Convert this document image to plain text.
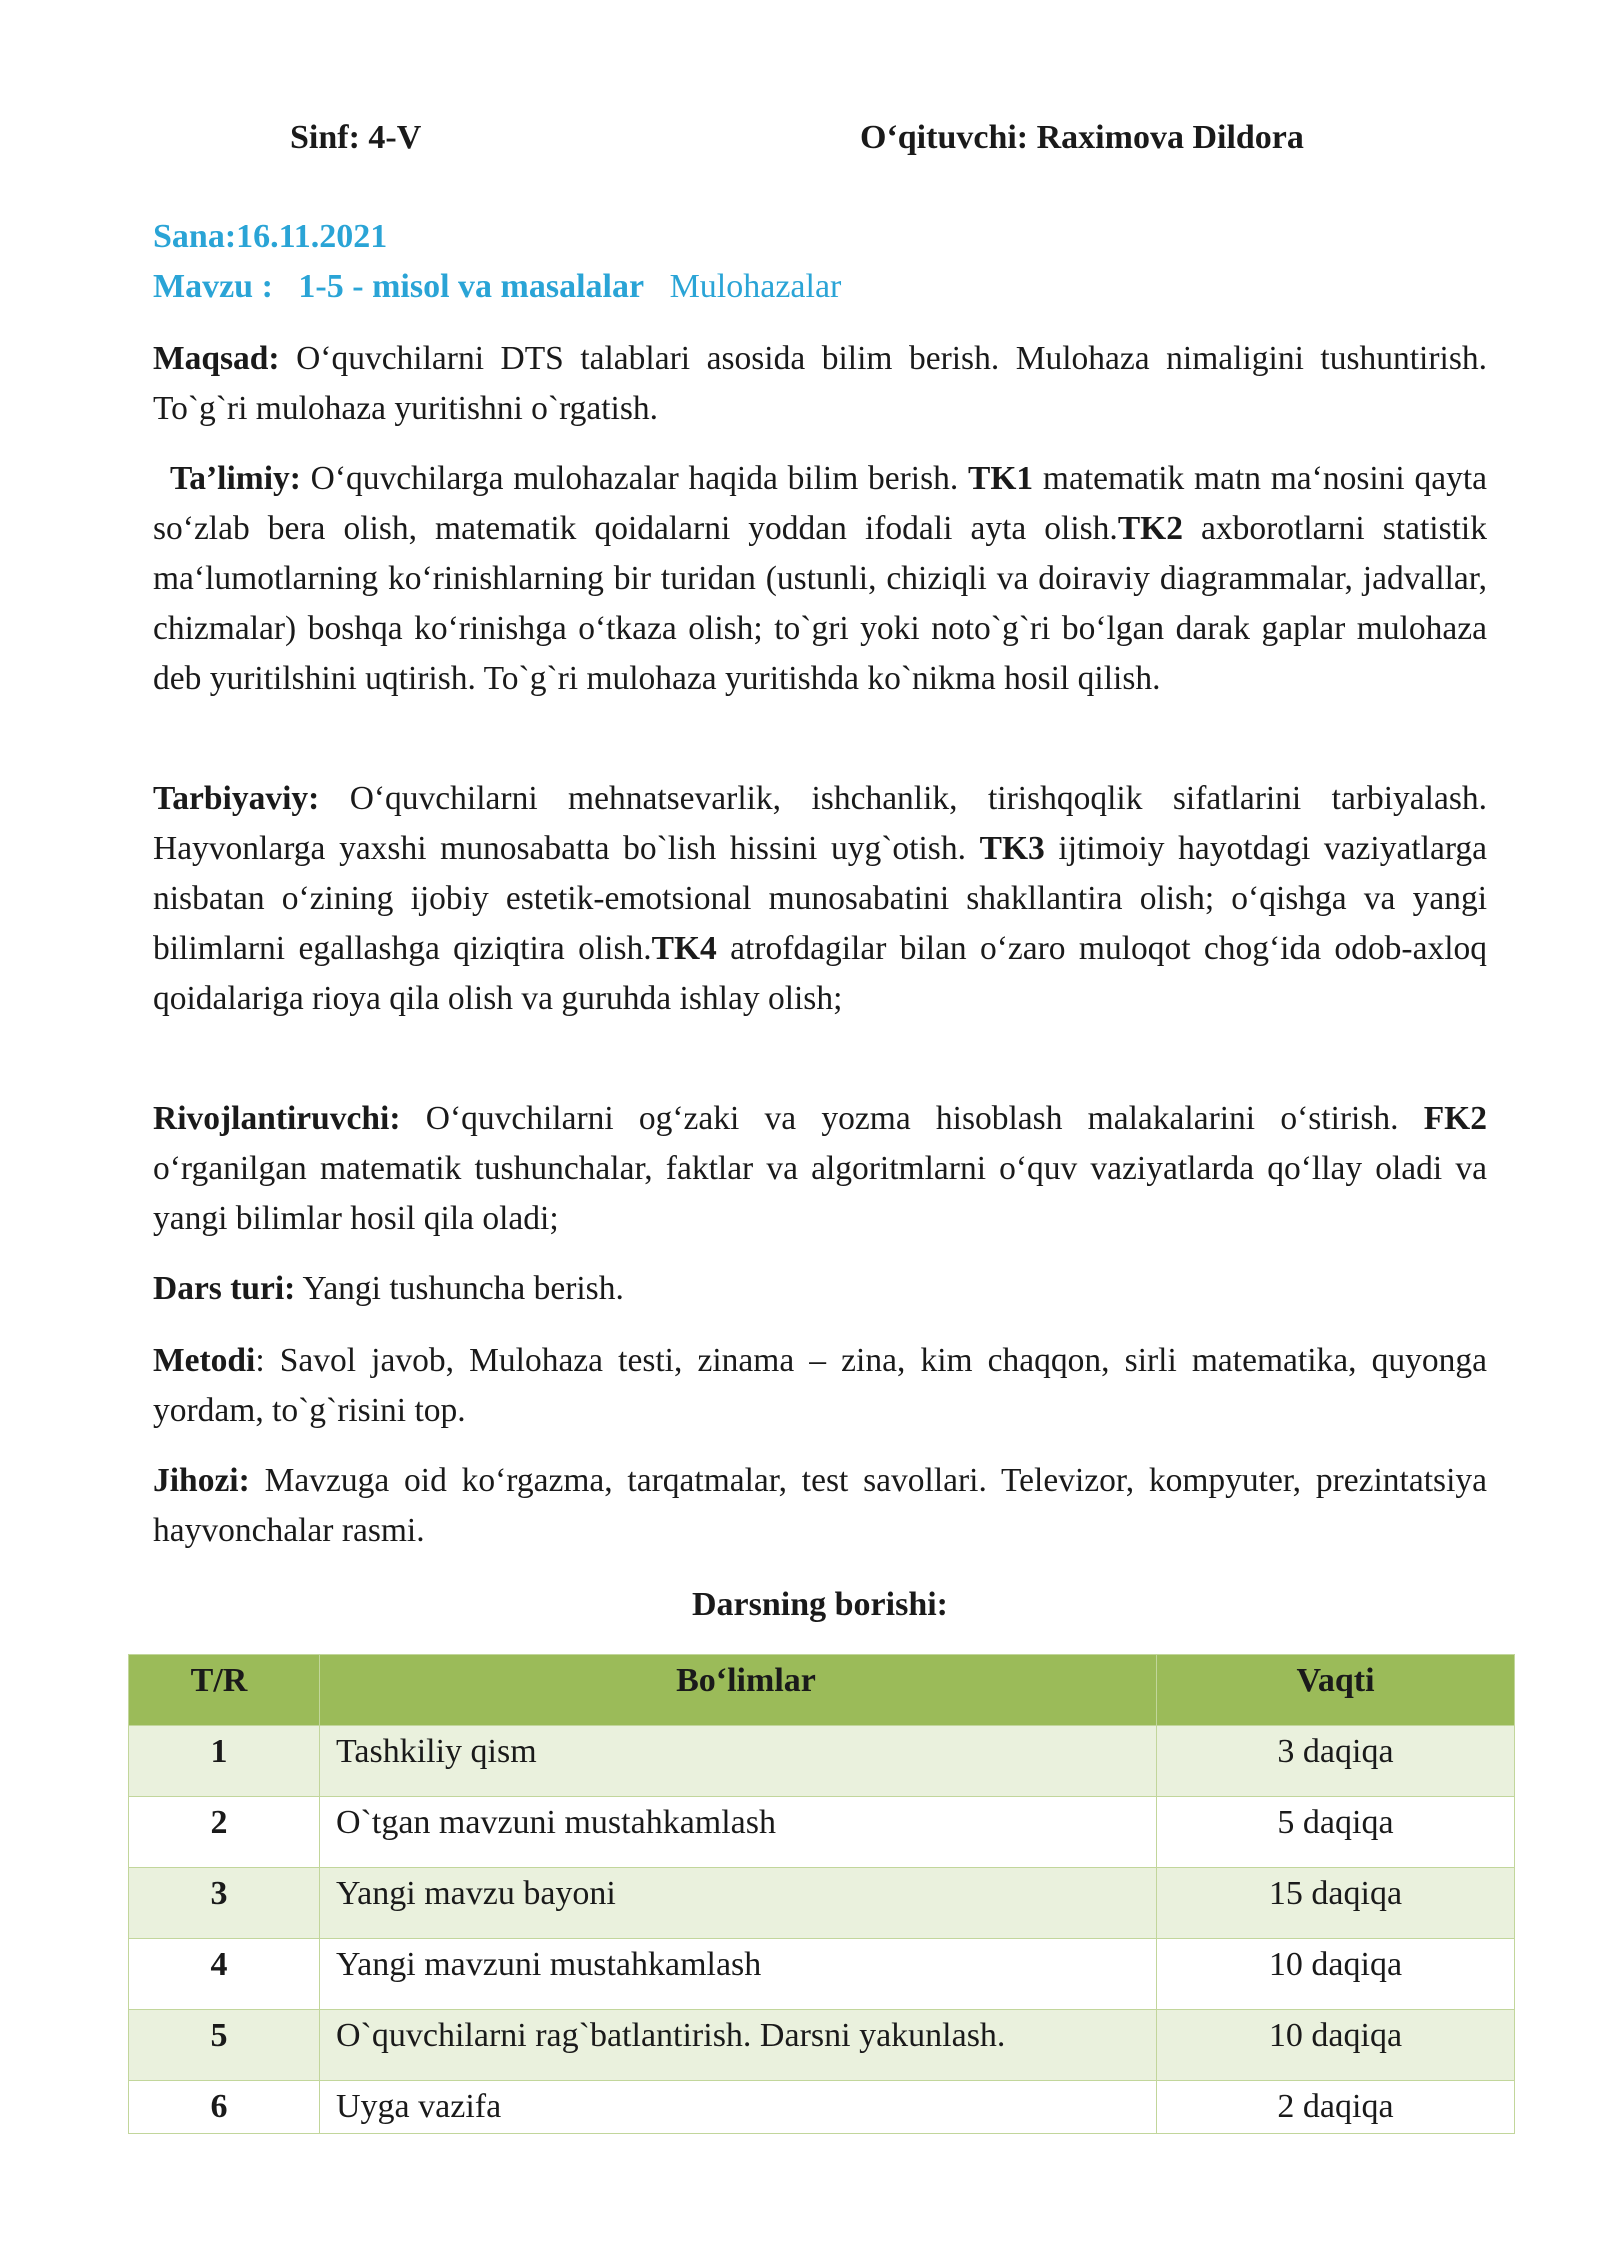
Sinf: 4-V	O‘qituvchi: Raximova Dildora
Sana:16.11.2021
Mavzu : 1-5 - misol va masalalar Mulohazalar
Maqsad: O‘quvchilarni DTS talablari asosida bilim berish. Mulohaza nimaligini tushuntirish. To`g`ri mulohaza yuritishni o`rgatish.
Ta’limiy: O‘quvchilarga mulohazalar haqida bilim berish. TK1 matematik matn ma‘nosini qayta so‘zlab bera olish, matematik qoidalarni yoddan ifodali ayta olish.TK2 axborotlarni statistik ma‘lumotlarning ko‘rinishlarning bir turidan (ustunli, chiziqli va doiraviy diagrammalar, jadvallar, chizmalar) boshqa ko‘rinishga o‘tkaza olish; to`gri yoki noto`g`ri bo‘lgan darak gaplar mulohaza deb yuritilshini uqtirish. To`g`ri mulohaza yuritishda ko`nikma hosil qilish.
Tarbiyaviy: O‘quvchilarni mehnatsevarlik, ishchanlik, tirishqoqlik sifatlarini tarbiyalash. Hayvonlarga yaxshi munosabatta bo`lish hissini uyg`otish. TK3 ijtimoiy hayotdagi vaziyatlarga nisbatan o‘zining ijobiy estetik-emotsional munosabatini shakllantira olish; o‘qishga va yangi bilimlarni egallashga qiziqtira olish.TK4 atrofdagilar bilan o‘zaro muloqot chog‘ida odob-axloq qoidalariga rioya qila olish va guruhda ishlay olish;
Rivojlantiruvchi: O‘quvchilarni og‘zaki va yozma hisoblash malakalarini o‘stirish. FK2 o‘rganilgan matematik tushunchalar, faktlar va algoritmlarni o‘quv vaziyatlarda qo‘llay oladi va yangi bilimlar hosil qila oladi;
Dars turi: Yangi tushuncha berish.
Metodi: Savol javob, Mulohaza testi, zinama – zina, kim chaqqon, sirli matematika, quyonga yordam, to`g`risini top.
Jihozi: Mavzuga oid ko‘rgazma, tarqatmalar, test savollari. Televizor, kompyuter, prezintatsiya hayvonchalar rasmi.
Darsning borishi:
T/R	Bo‘limlar	Vaqti
1	Tashkiliy qism	3 daqiqa
2	O`tgan mavzuni mustahkamlash	5 daqiqa
3	Yangi mavzu bayoni	15 daqiqa
4	Yangi mavzuni mustahkamlash	10 daqiqa
5	O`quvchilarni rag`batlantirish. Darsni yakunlash.	10 daqiqa
6	Uyga vazifa	2 daqiqa
